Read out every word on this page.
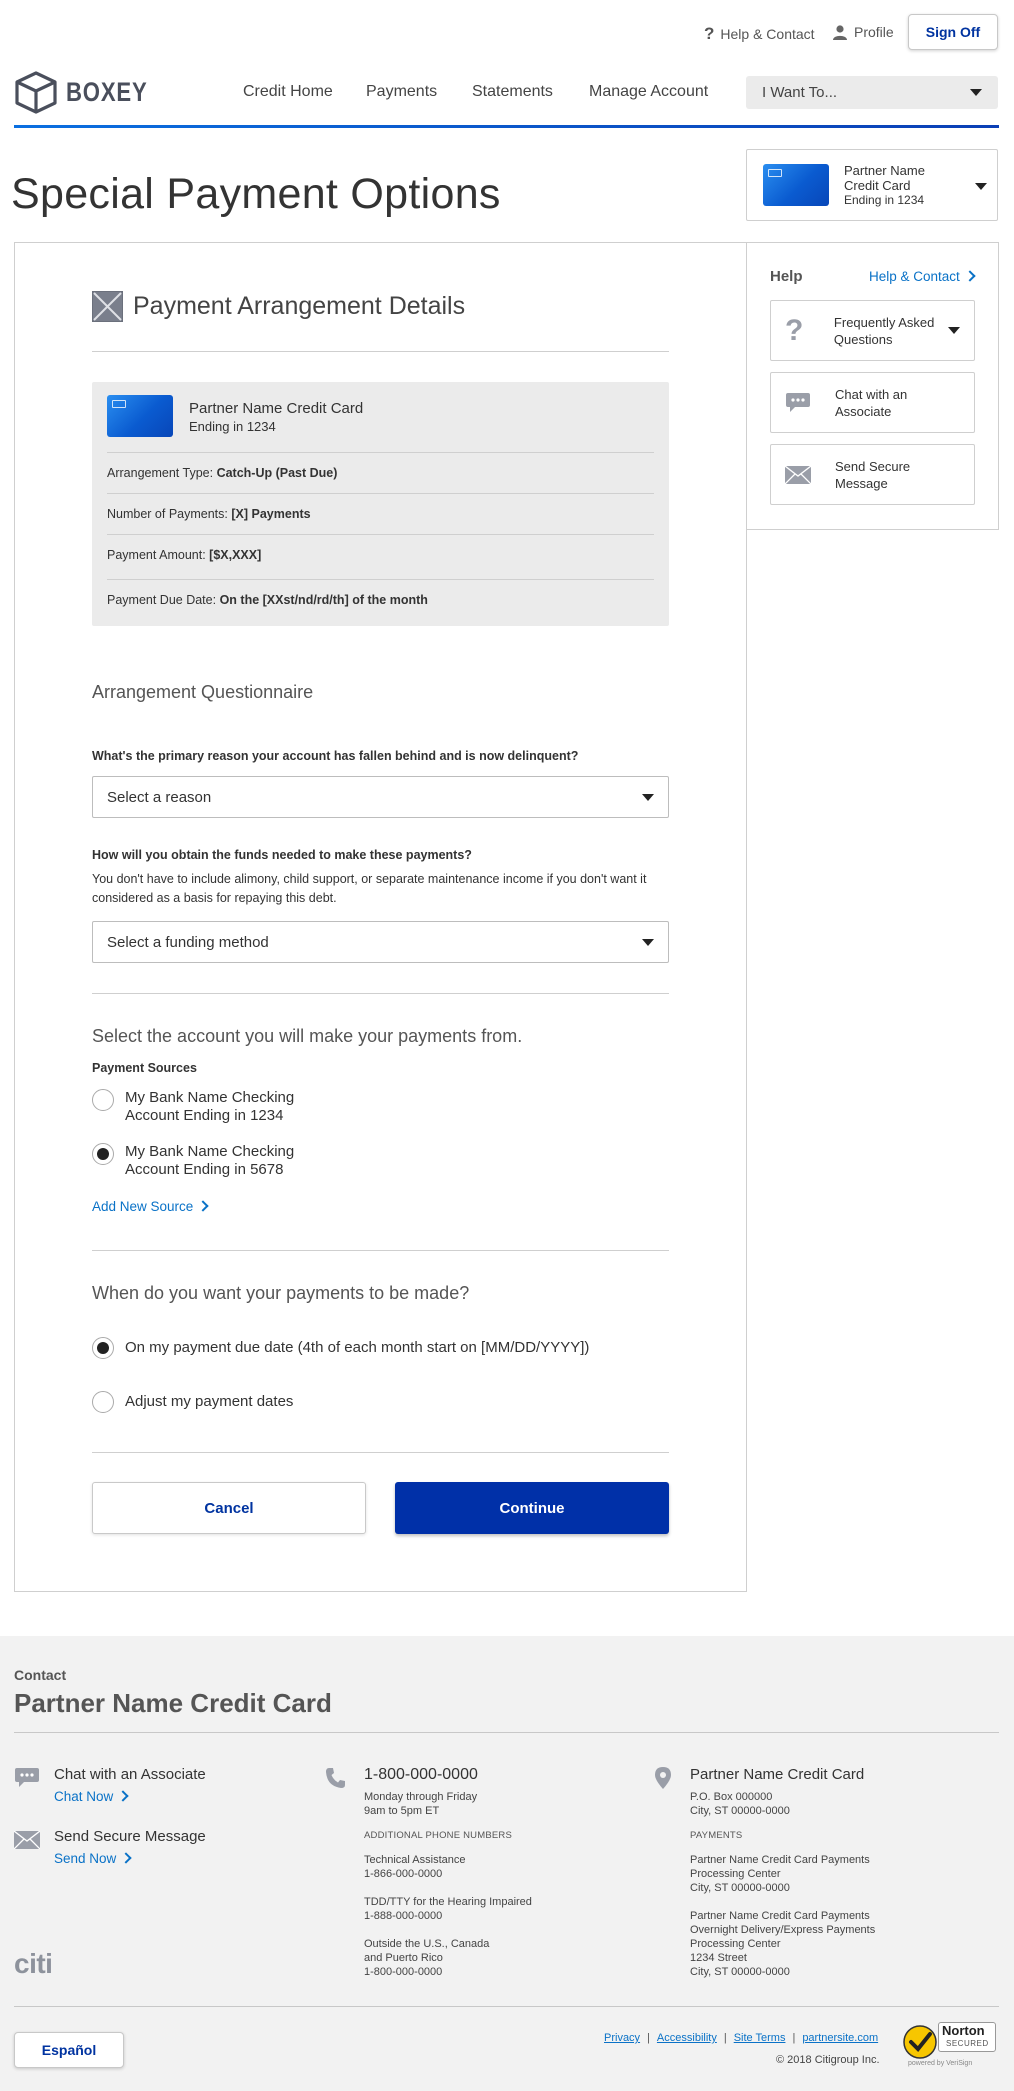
? Help & Contact	Profile	Sign Off
BOXEY	Credit Home Payments Statements Manage Account	I Want To...
Special Payment Options	Partner Name Credit Card
Ending in 1234
Payment Arrangement Details
Partner Name Credit Card
Ending in 1234
Arrangement Type: Catch-Up (Past Due)
Number of Payments: [X] Payments
Payment Amount: [$X,XXX]
Payment Due Date: On the [XXst/nd/rd/th] of the month
Arrangement Questionnaire
What's the primary reason your account has fallen behind and is now delinquent?
Select a reason
How will you obtain the funds needed to make these payments?
You don't have to include alimony, child support, or separate maintenance income if you don't want it considered as a basis for repaying this debt.
Select a funding method
Select the account you will make your payments from.
Payment Sources
My Bank Name Checking
Account Ending in 1234
My Bank Name Checking
Account Ending in 5678
Add New Source
When do you want your payments to be made?
On my payment due date (4th of each month start on [MM/DD/YYYY])
Adjust my payment dates
Cancel	Continue
Help	Help & Contact
?	Frequently Asked Questions
Chat with an Associate
Send Secure Message
Contact
Partner Name Credit Card
Chat with an Associate
Chat Now
Send Secure Message
Send Now
1-800-000-0000
Monday through Friday
9am to 5pm ET
ADDITIONAL PHONE NUMBERS
Technical Assistance
1-866-000-0000
TDD/TTY for the Hearing Impaired
1-888-000-0000
Outside the U.S., Canada
and Puerto Rico
1-800-000-0000
Partner Name Credit Card
P.O. Box 000000
City, ST 00000-0000
PAYMENTS
Partner Name Credit Card Payments
Processing Center
City, ST 00000-0000
Partner Name Credit Card Payments
Overnight Delivery/Express Payments
Processing Center
1234 Street
City, ST 00000-0000
citi
Español
Privacy | Accessibility | Site Terms | partnersite.com
© 2018 Citigroup Inc.
Norton
SECURED
powered by VeriSign
